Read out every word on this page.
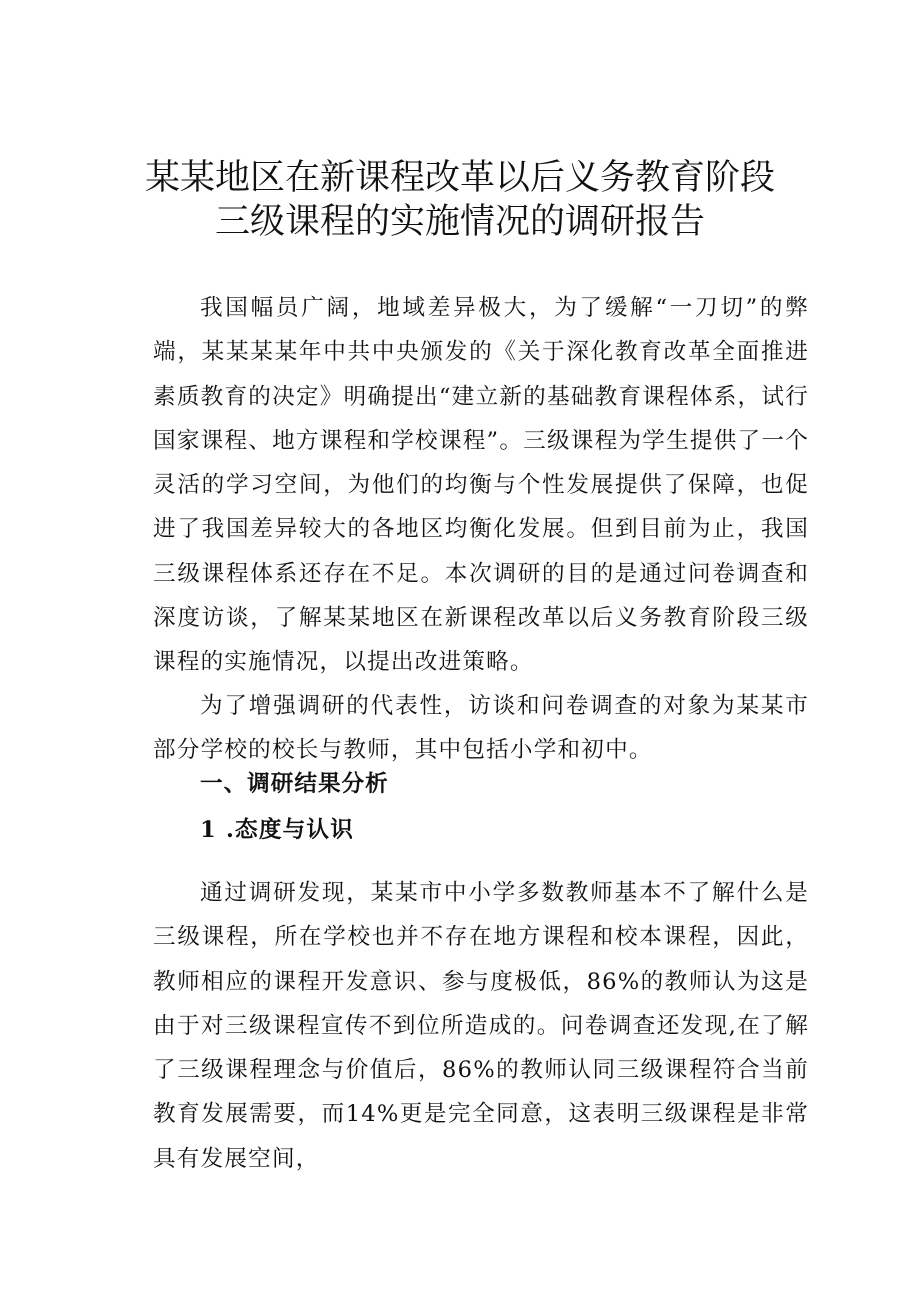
某某地区在新课程改革以后义务教育阶段
三级课程的实施情况的调研报告

我国幅员广阔，地域差异极大，为了缓解“一刀切”的弊端，某某某某年中共中央颁发的《关于深化教育改革全面推进素质教育的决定》明确提出“建立新的基础教育课程体系，试行国家课程、地方课程和学校课程”。三级课程为学生提供了一个灵活的学习空间，为他们的均衡与个性发展提供了保障，也促进了我国差异较大的各地区均衡化发展。但到目前为止，我国三级课程体系还存在不足。本次调研的目的是通过问卷调查和深度访谈，了解某某地区在新课程改革以后义务教育阶段三级课程的实施情况，以提出改进策略。

为了增强调研的代表性，访谈和问卷调查的对象为某某市部分学校的校长与教师，其中包括小学和初中。

一、调研结果分析
1 .态度与认识

通过调研发现，某某市中小学多数教师基本不了解什么是三级课程，所在学校也并不存在地方课程和校本课程，因此，教师相应的课程开发意识、参与度极低，86%的教师认为这是由于对三级课程宣传不到位所造成的。问卷调查还发现,在了解了三级课程理念与价值后，86%的教师认同三级课程符合当前教育发展需要，而14%更是完全同意，这表明三级课程是非常具有发展空间，
